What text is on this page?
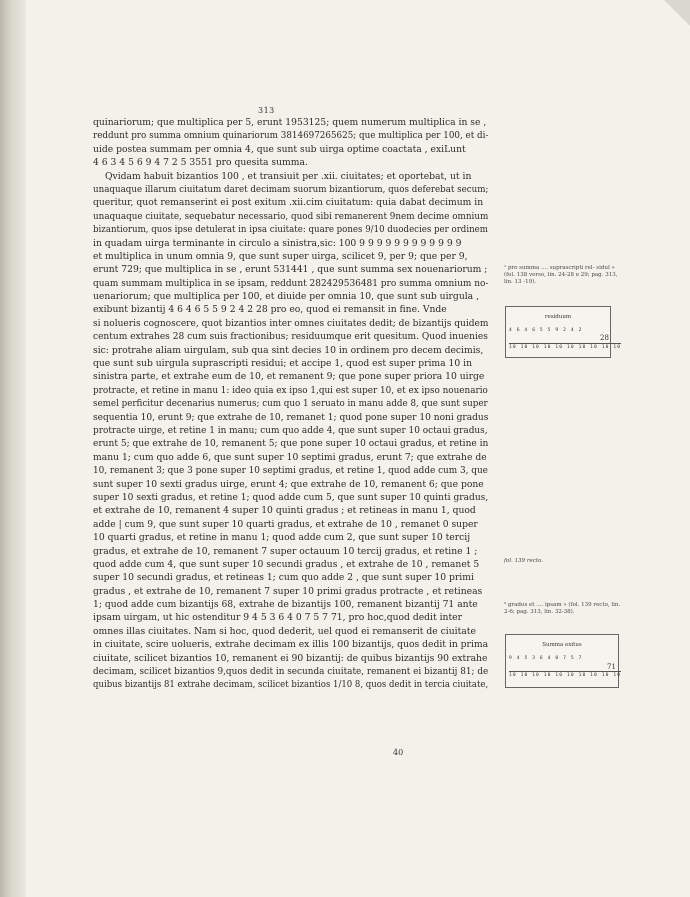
313
quinariorum; que multiplica per 5, erunt 1953125; quem numerum multiplica in se ,
reddunt pro summa omnium quinariorum 3814697265625; que multiplica per 100, et di-
uide postea summam per omnia 4, que sunt sub uirga optime coactata , exiLunt
4 6 3 4 5 6 9 4 7 2 5 3551 pro quesita summa.
Qvidam habuit bizantios 100 , et transiuit per .xii. ciuitates; et oportebat, ut in
unaquaque illarum ciuitatum daret decimam suorum bizantiorum, quos deferebat secum;
queritur, quot remanserint ei post exitum .xii.cim ciuitatum: quia dabat decimum in
unaquaque ciuitate, sequebatur necessario, quod sibi remanerent 9nem decime omnium
bizantiorum, quos ipse detulerat in ipsa ciuitate: quare pones 9/10 duodecies per ordinem
in quadam uirga terminante in circulo a sinistra,sic: 100 9 9 9 9 9 9 9 9 9 9 9 9
et multiplica in unum omnia 9, que sunt super uirga, scilicet 9, per 9; que per 9,
erunt 729; que multiplica in se , erunt 531441 , que sunt summa sex nouenariorum ;
quam summam multiplica in se ipsam, reddunt 282429536481 pro summa omnium no-
uenariorum; que multiplica per 100, et diuide per omnia 10, que sunt sub uirgula ,
exibunt bizantij 4 6 4 6 5 5 9 2 4 2 28 pro eo, quod ei remansit in fine. Vnde
si nolueris cognoscere, quot bizantios inter omnes ciuitates dedit; de bizantijs quidem
centum extrahes 28 cum suis fractionibus; residuumque erit quesitum. Quod inuenies
sic: protrahe aliam uirgulam, sub qua sint decies 10 in ordinem pro decem decimis,
que sunt sub uirgula suprascripti residui; et accipe 1, quod est super prima 10 in
sinistra parte, et extrahe eum de 10, et remanent 9; que pone super priora 10 uirge
protracte, et retine in manu 1: ideo quia ex ipso 1,qui est super 10, et ex ipso nouenario
semel perficitur decenarius numerus; cum quo 1 seruato in manu adde 8, que sunt super
sequentia 10, erunt 9; que extrahe de 10, remanet 1; quod pone super 10 noni gradus
protracte uirge, et retine 1 in manu; cum quo adde 4, que sunt super 10 octaui gradus,
erunt 5; que extrahe de 10, remanent 5; que pone super 10 octaui gradus, et retine in
manu 1; cum quo adde 6, que sunt super 10 septimi gradus, erunt 7; que extrahe de
10, remanent 3; que 3 pone super 10 septimi gradus, et retine 1, quod adde cum 3, que
sunt super 10 sexti gradus uirge, erunt 4; que extrahe de 10, remanent 6; que pone
super 10 sexti gradus, et retine 1; quod adde cum 5, que sunt super 10 quinti gradus,
et extrahe de 10, remanent 4 super 10 quinti gradus ; et retineas in manu 1, quod
adde | cum 9, que sunt super 10 quarti gradus, et extrahe de 10 , remanet 0 super
10 quarti gradus, et retine in manu 1; quod adde cum 2, que sunt super 10 tercij
gradus, et extrahe de 10, remanent 7 super octauum 10 tercij gradus, et retine 1 ;
quod adde cum 4, que sunt super 10 secundi gradus , et extrahe de 10 , remanet 5
super 10 secundi gradus, et retineas 1; cum quo adde 2 , que sunt super 10 primi
gradus , et extrahe de 10, remanent 7 super 10 primi gradus protracte , et retineas
1; quod adde cum bizantijs 68, extrahe de bizantijs 100, remanent bizantij 71 ante
ipsam uirgam, ut hic ostenditur 9 4 5 3 6 4 0 7 5 7 71, pro hoc,quod dedit inter
omnes illas ciuitates. Nam si hoc, quod dederit, uel quod ei remanserit de ciuitate
in ciuitate, scire uolueris, extrahe decimam ex illis 100 bizantijs, quos dedit in prima
ciuitate, scilicet bizantios 10, remanent ei 90 bizantij: de quibus bizantijs 90 extrahe
decimam, scilicet bizantios 9,quos dedit in secunda ciuitate, remanent ei bizantij 81; de
quibus bizantijs 81 extrahe decimam, scilicet bizantios 1/10 8, quos dedit in tercia ciuitate,
¹ pro summa .... suprascripti rel- siduï » (fol. 138 verso, lin. 24-28 e 29; pag. 313, lin. 13 -19).
residuum
4 6 4 6 5 5 9 2 4 2
10 10 10 10 10 10 10 10 10 10
28
fol. 139 recto.
² gradus et .... ipsam » (fol. 139 recto, lin. 2-6; pag. 313, lin. 32-38).
Summa exitus
9 4 5 3 6 4 0 7 5 7
10 10 10 10 10 10 10 10 10 10
71
40
